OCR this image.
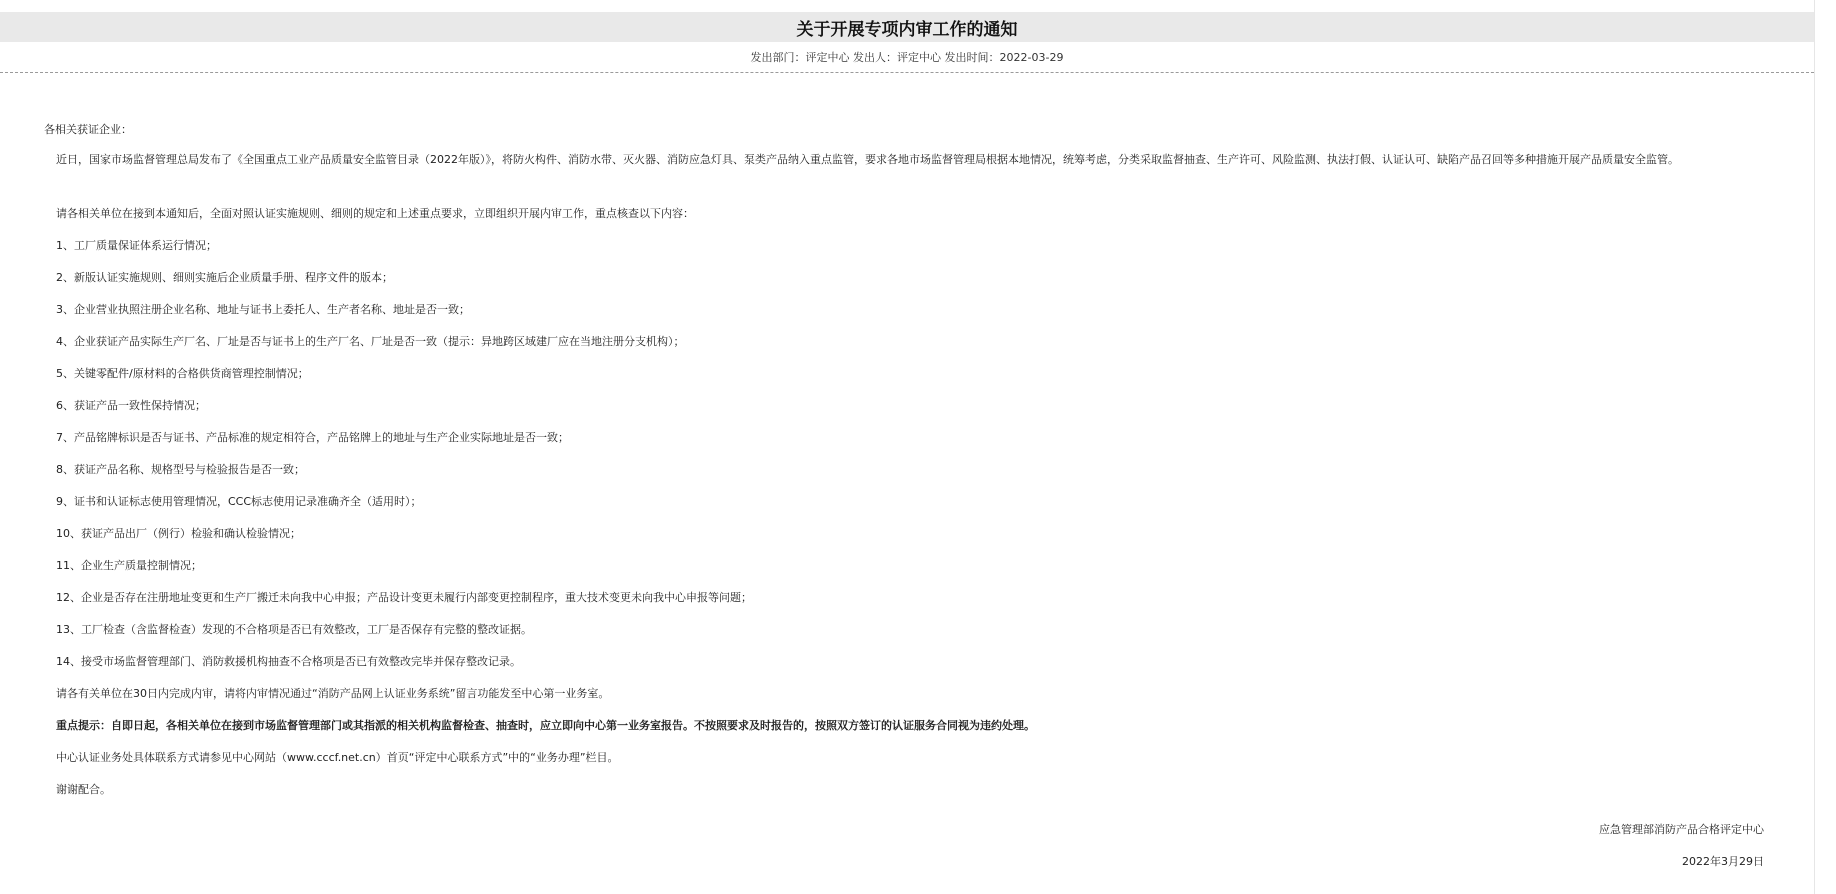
关于开展专项内审工作的通知
发出部门：评定中心 发出人：评定中心 发出时间：2022-03-29
各相关获证企业：
近日，国家市场监督管理总局发布了《全国重点工业产品质量安全监管目录（2022年版）》，将防火构件、消防水带、灭火器、消防应急灯具、泵类产品纳入重点监管，要求各地市场监督管理局根据本地情况，统筹考虑，分类采取监督抽查、生产许可、风险监测、执法打假、认证认可、缺陷产品召回等多种措施开展产品质量安全监管。
请各相关单位在接到本通知后，全面对照认证实施规则、细则的规定和上述重点要求，立即组织开展内审工作，重点核查以下内容：
1、工厂质量保证体系运行情况；
2、新版认证实施规则、细则实施后企业质量手册、程序文件的版本；
3、企业营业执照注册企业名称、地址与证书上委托人、生产者名称、地址是否一致；
4、企业获证产品实际生产厂名、厂址是否与证书上的生产厂名、厂址是否一致（提示：异地跨区域建厂应在当地注册分支机构）；
5、关键零配件/原材料的合格供货商管理控制情况；
6、获证产品一致性保持情况；
7、产品铭牌标识是否与证书、产品标准的规定相符合，产品铭牌上的地址与生产企业实际地址是否一致；
8、获证产品名称、规格型号与检验报告是否一致；
9、证书和认证标志使用管理情况，CCC标志使用记录准确齐全（适用时）；
10、获证产品出厂（例行）检验和确认检验情况；
11、企业生产质量控制情况；
12、企业是否存在注册地址变更和生产厂搬迁未向我中心申报；产品设计变更未履行内部变更控制程序，重大技术变更未向我中心申报等问题；
13、工厂检查（含监督检查）发现的不合格项是否已有效整改，工厂是否保存有完整的整改证据。
14、接受市场监督管理部门、消防救援机构抽查不合格项是否已有效整改完毕并保存整改记录。
请各有关单位在30日内完成内审，请将内审情况通过“消防产品网上认证业务系统”留言功能发至中心第一业务室。
重点提示：自即日起，各相关单位在接到市场监督管理部门或其指派的相关机构监督检查、抽查时，应立即向中心第一业务室报告。不按照要求及时报告的，按照双方签订的认证服务合同视为违约处理。
中心认证业务处具体联系方式请参见中心网站（www.cccf.net.cn）首页“评定中心联系方式”中的“业务办理”栏目。
谢谢配合。
应急管理部消防产品合格评定中心
2022年3月29日
